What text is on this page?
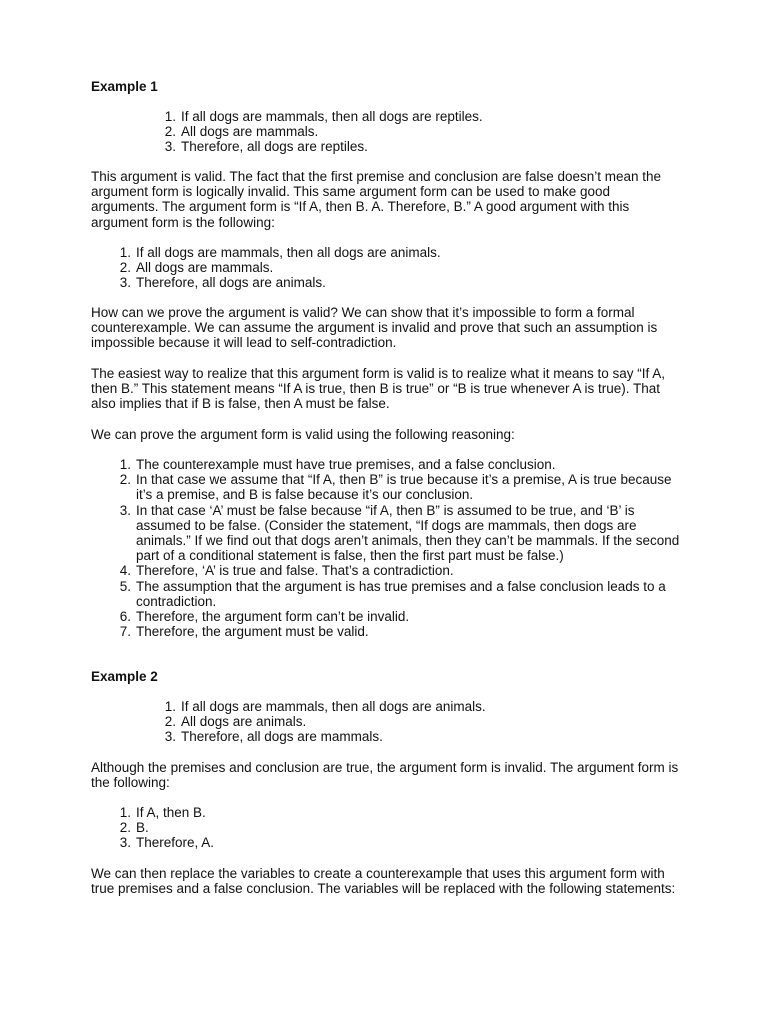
Example 1
1. If all dogs are mammals, then all dogs are reptiles.
2. All dogs are mammals.
3. Therefore, all dogs are reptiles.

This argument is valid. The fact that the first premise and conclusion are false doesn’t mean the argument form is logically invalid. This same argument form can be used to make good arguments. The argument form is “If A, then B. A. Therefore, B.” A good argument with this argument form is the following:

1. If all dogs are mammals, then all dogs are animals.
2. All dogs are mammals.
3. Therefore, all dogs are animals.

How can we prove the argument is valid? We can show that it’s impossible to form a formal counterexample. We can assume the argument is invalid and prove that such an assumption is impossible because it will lead to self-contradiction.

The easiest way to realize that this argument form is valid is to realize what it means to say “If A, then B.” This statement means “If A is true, then B is true” or “B is true whenever A is true). That also implies that if B is false, then A must be false.

We can prove the argument form is valid using the following reasoning:

1. The counterexample must have true premises, and a false conclusion.
2. In that case we assume that “If A, then B” is true because it’s a premise, A is true because it’s a premise, and B is false because it’s our conclusion.
3. In that case ‘A’ must be false because “if A, then B” is assumed to be true, and ‘B’ is assumed to be false. (Consider the statement, “If dogs are mammals, then dogs are animals.” If we find out that dogs aren’t animals, then they can’t be mammals. If the second part of a conditional statement is false, then the first part must be false.)
4. Therefore, ‘A’ is true and false. That’s a contradiction.
5. The assumption that the argument is has true premises and a false conclusion leads to a contradiction.
6. Therefore, the argument form can’t be invalid.
7. Therefore, the argument must be valid.
Example 2
1. If all dogs are mammals, then all dogs are animals.
2. All dogs are animals.
3. Therefore, all dogs are mammals.

Although the premises and conclusion are true, the argument form is invalid. The argument form is the following:

1. If A, then B.
2. B.
3. Therefore, A.

We can then replace the variables to create a counterexample that uses this argument form with true premises and a false conclusion. The variables will be replaced with the following statements:
